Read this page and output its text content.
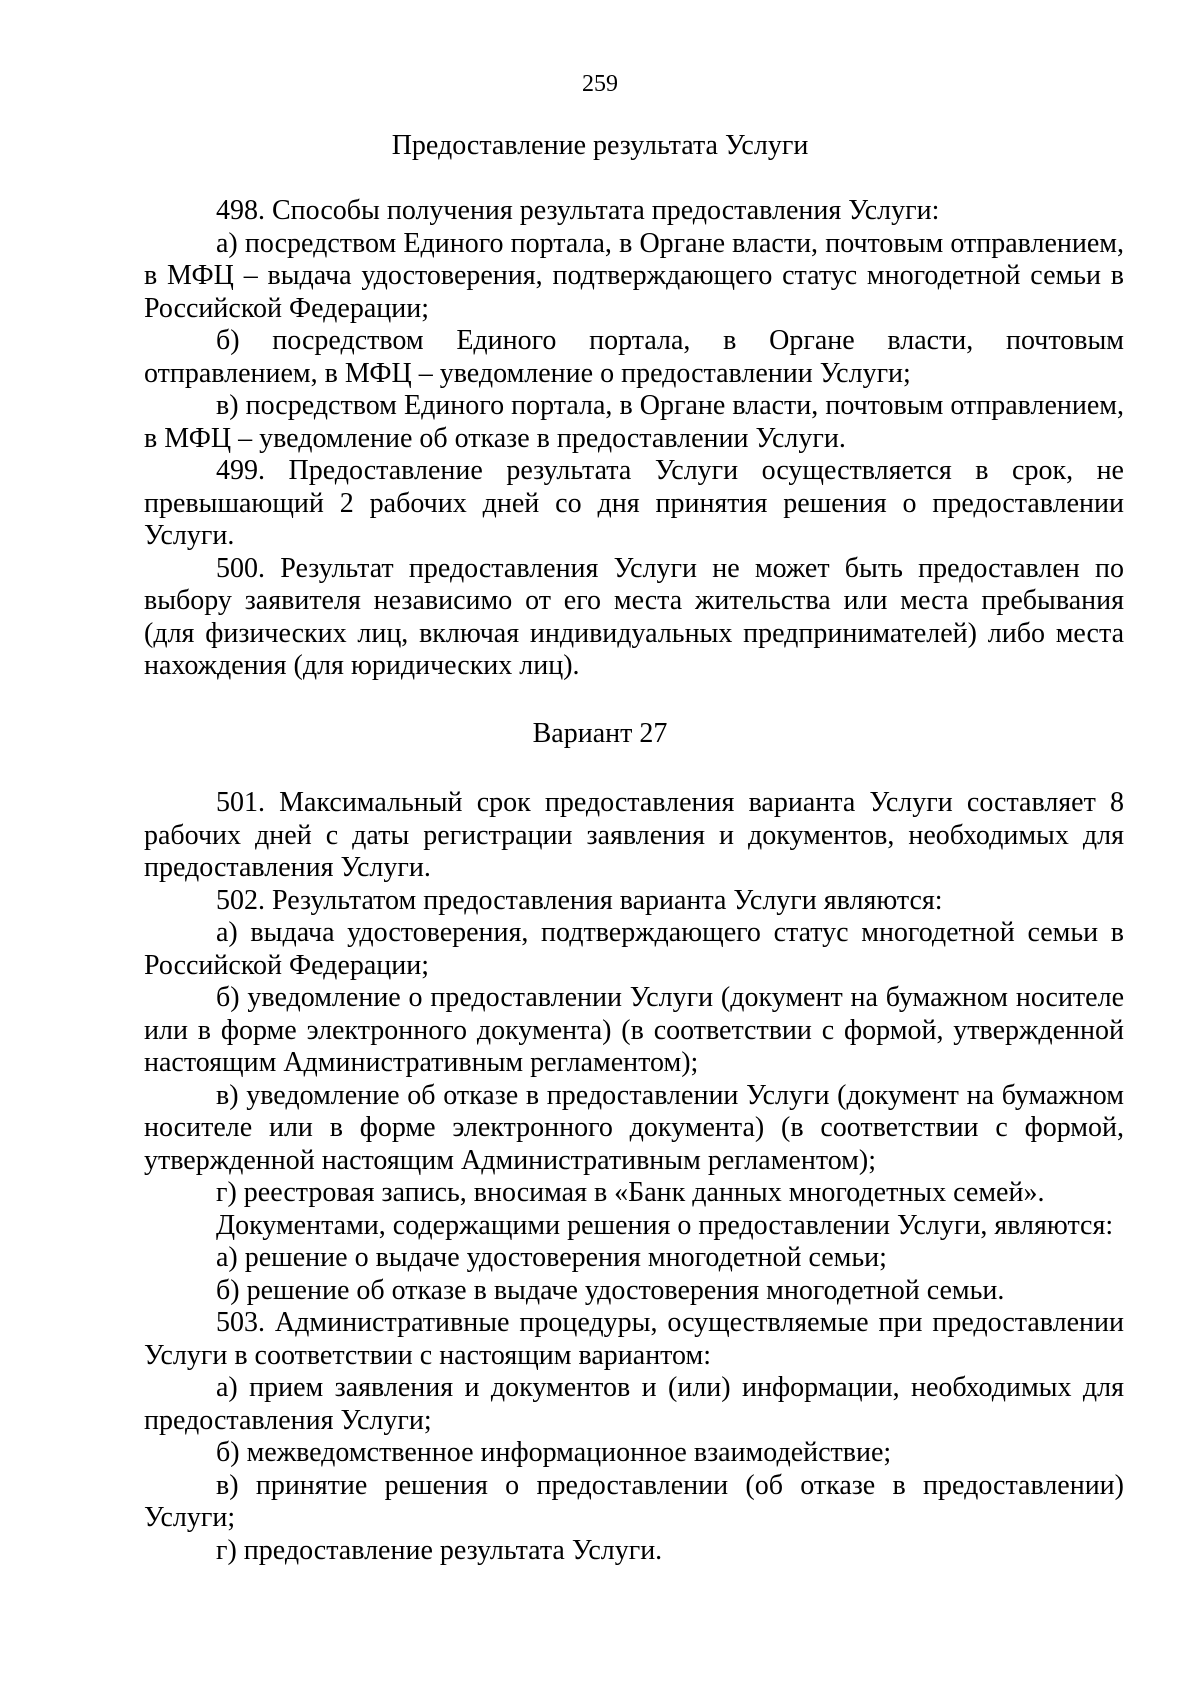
259
Предоставление результата Услуги

498. Способы получения результата предоставления Услуги:

а) посредством Единого портала, в Органе власти, почтовым отправлением, в МФЦ – выдача удостоверения, подтверждающего статус многодетной семьи в Российской Федерации;

б) посредством Единого портала, в Органе власти, почтовым отправлением, в МФЦ – уведомление о предоставлении Услуги;

в) посредством Единого портала, в Органе власти, почтовым отправлением, в МФЦ – уведомление об отказе в предоставлении Услуги.

499. Предоставление результата Услуги осуществляется в срок, не превышающий 2 рабочих дней со дня принятия решения о предоставлении Услуги.

500. Результат предоставления Услуги не может быть предоставлен по выбору заявителя независимо от его места жительства или места пребывания (для физических лиц, включая индивидуальных предпринимателей) либо места нахождения (для юридических лиц).

Вариант 27

501. Максимальный срок предоставления варианта Услуги составляет 8 рабочих дней с даты регистрации заявления и документов, необходимых для предоставления Услуги.

502. Результатом предоставления варианта Услуги являются:

а) выдача удостоверения, подтверждающего статус многодетной семьи в Российской Федерации;

б) уведомление о предоставлении Услуги (документ на бумажном носителе или в форме электронного документа) (в соответствии с формой, утвержденной настоящим Административным регламентом);

в) уведомление об отказе в предоставлении Услуги (документ на бумажном носителе или в форме электронного документа) (в соответствии с формой, утвержденной настоящим Административным регламентом);

г) реестровая запись, вносимая в «Банк данных многодетных семей».

Документами, содержащими решения о предоставлении Услуги, являются:

а) решение о выдаче удостоверения многодетной семьи;

б) решение об отказе в выдаче удостоверения многодетной семьи.

503. Административные процедуры, осуществляемые при предоставлении Услуги в соответствии с настоящим вариантом:

а) прием заявления и документов и (или) информации, необходимых для предоставления Услуги;

б) межведомственное информационное взаимодействие;

в) принятие решения о предоставлении (об отказе в предоставлении) Услуги;

г) предоставление результата Услуги.
